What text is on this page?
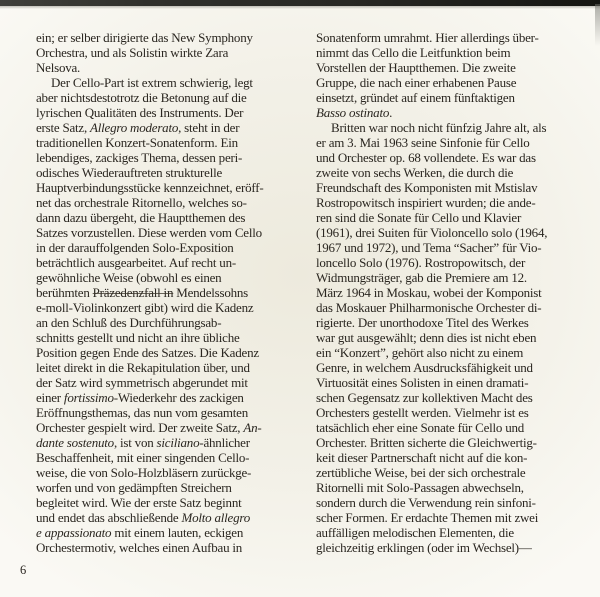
ein; er selber dirigierte das New Symphony
Orchestra, und als Solistin wirkte Zara
Nelsova.
Der Cello-Part ist extrem schwierig, legt
aber nichtsdestotrotz die Betonung auf die
lyrischen Qualitäten des Instruments. Der
erste Satz, Allegro moderato, steht in der
traditionellen Konzert-Sonatenform. Ein
lebendiges, zackiges Thema, dessen peri-
odisches Wiederauftreten strukturelle
Hauptverbindungsstücke kennzeichnet, eröff-
net das orchestrale Ritornello, welches so-
dann dazu übergeht, die Hauptthemen des
Satzes vorzustellen. Diese werden vom Cello
in der darauffolgenden Solo-Exposition
beträchtlich ausgearbeitet. Auf recht un-
gewöhnliche Weise (obwohl es einen
berühmten Präzedenzfall in Mendelssohns
e-moll-Violinkonzert gibt) wird die Kadenz
an den Schluß des Durchführungsab-
schnitts gestellt und nicht an ihre übliche
Position gegen Ende des Satzes. Die Kadenz
leitet direkt in die Rekapitulation über, und
der Satz wird symmetrisch abgerundet mit
einer fortissimo-Wiederkehr des zackigen
Eröffnungsthemas, das nun vom gesamten
Orchester gespielt wird. Der zweite Satz, An-
dante sostenuto, ist von siciliano-ähnlicher
Beschaffenheit, mit einer singenden Cello-
weise, die von Solo-Holzbläsern zurückge-
worfen und von gedämpften Streichern
begleitet wird. Wie der erste Satz beginnt
und endet das abschließende Molto allegro
e appassionato mit einem lauten, eckigen
Orchestermotiv, welches einen Aufbau in
Sonatenform umrahmt. Hier allerdings über-
nimmt das Cello die Leitfunktion beim
Vorstellen der Hauptthemen. Die zweite
Gruppe, die nach einer erhabenen Pause
einsetzt, gründet auf einem fünftaktigen
Basso ostinato.
Britten war noch nicht fünfzig Jahre alt, als
er am 3. Mai 1963 seine Sinfonie für Cello
und Orchester op. 68 vollendete. Es war das
zweite von sechs Werken, die durch die
Freundschaft des Komponisten mit Mstislav
Rostropowitsch inspiriert wurden; die ande-
ren sind die Sonate für Cello und Klavier
(1961), drei Suiten für Violoncello solo (1964,
1967 und 1972), und Tema “Sacher” für Vio-
loncello Solo (1976). Rostropowitsch, der
Widmungsträger, gab die Premiere am 12.
März 1964 in Moskau, wobei der Komponist
das Moskauer Philharmonische Orchester di-
rigierte. Der unorthodoxe Titel des Werkes
war gut ausgewählt; denn dies ist nicht eben
ein “Konzert”, gehört also nicht zu einem
Genre, in welchem Ausdrucksfähigkeit und
Virtuosität eines Solisten in einen dramati-
schen Gegensatz zur kollektiven Macht des
Orchesters gestellt werden. Vielmehr ist es
tatsächlich eher eine Sonate für Cello und
Orchester. Britten sicherte die Gleichwertig-
keit dieser Partnerschaft nicht auf die kon-
zertübliche Weise, bei der sich orchestrale
Ritornelli mit Solo-Passagen abwechseln,
sondern durch die Verwendung rein sinfoni-
scher Formen. Er erdachte Themen mit zwei
auffälligen melodischen Elementen, die
gleichzeitig erklingen (oder im Wechsel)—
6
